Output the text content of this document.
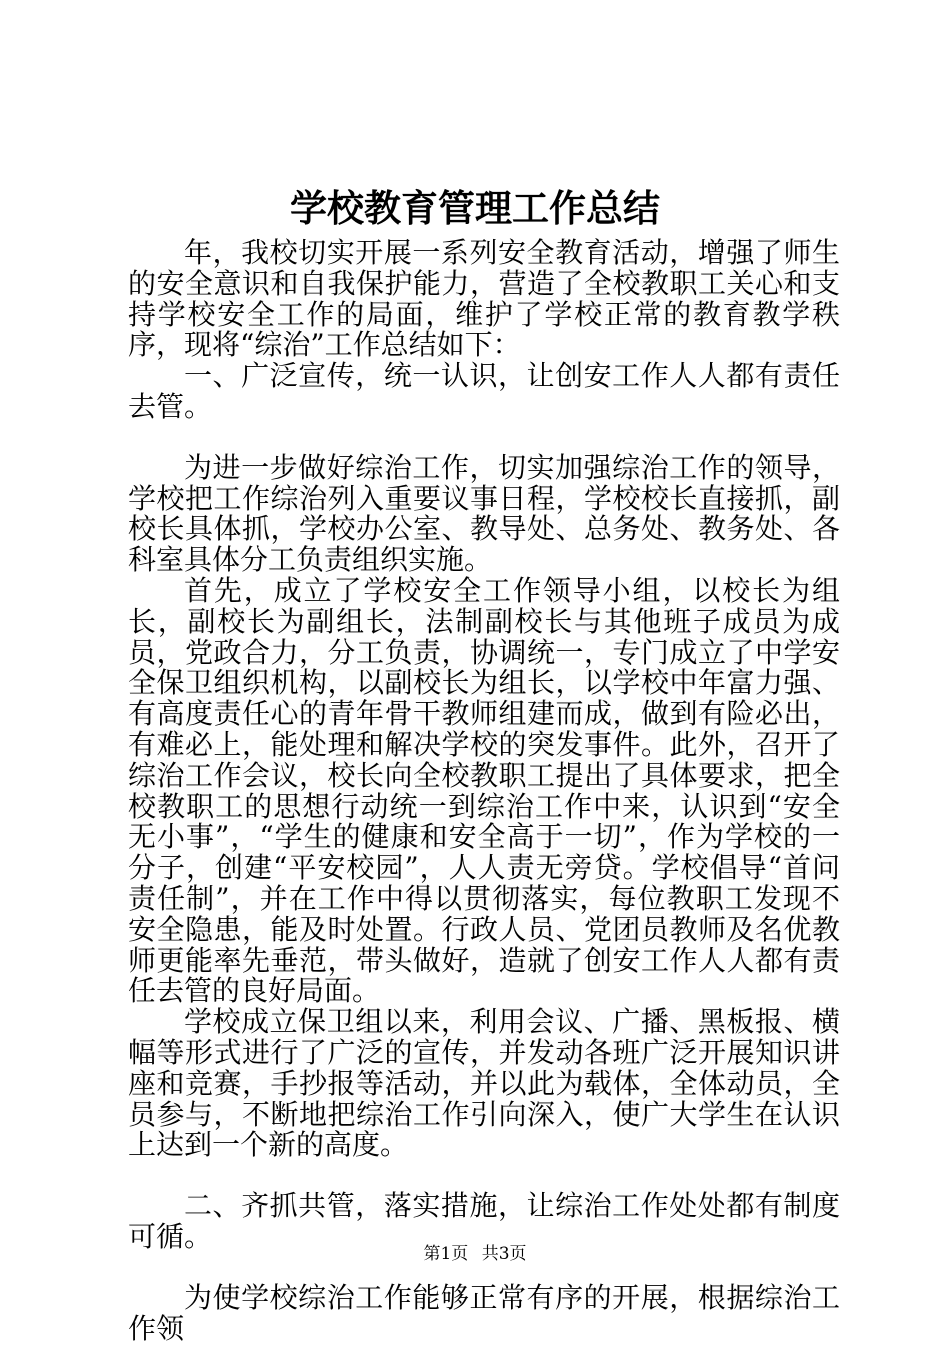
学校教育管理工作总结

年，我校切实开展一系列安全教育活动，增强了师生的安全意识和自我保护能力，营造了全校教职工关心和支持学校安全工作的局面，维护了学校正常的教育教学秩序，现将“综治”工作总结如下：

一、广泛宣传，统一认识，让创安工作人人都有责任去管。

为进一步做好综治工作，切实加强综治工作的领导，学校把工作综治列入重要议事日程，学校校长直接抓，副校长具体抓，学校办公室、教导处、总务处、教务处、各科室具体分工负责组织实施。

首先，成立了学校安全工作领导小组，以校长为组长，副校长为副组长，法制副校长与其他班子成员为成员，党政合力，分工负责，协调统一，专门成立了中学安全保卫组织机构，以副校长为组长，以学校中年富力强、有高度责任心的青年骨干教师组建而成，做到有险必出，有难必上，能处理和解决学校的突发事件。此外，召开了综治工作会议，校长向全校教职工提出了具体要求，把全校教职工的思想行动统一到综治工作中来，认识到“安全无小事”，“学生的健康和安全高于一切”，作为学校的一分子，创建“平安校园”，人人责无旁贷。学校倡导“首问责任制”，并在工作中得以贯彻落实，每位教职工发现不安全隐患，能及时处置。行政人员、党团员教师及名优教师更能率先垂范，带头做好，造就了创安工作人人都有责任去管的良好局面。

学校成立保卫组以来，利用会议、广播、黑板报、横幅等形式进行了广泛的宣传，并发动各班广泛开展知识讲座和竞赛，手抄报等活动，并以此为载体，全体动员，全员参与，不断地把综治工作引向深入，使广大学生在认识上达到一个新的高度。

二、齐抓共管，落实措施，让综治工作处处都有制度可循。

为使学校综治工作能够正常有序的开展，根据综治工作领

第1页 共3页
